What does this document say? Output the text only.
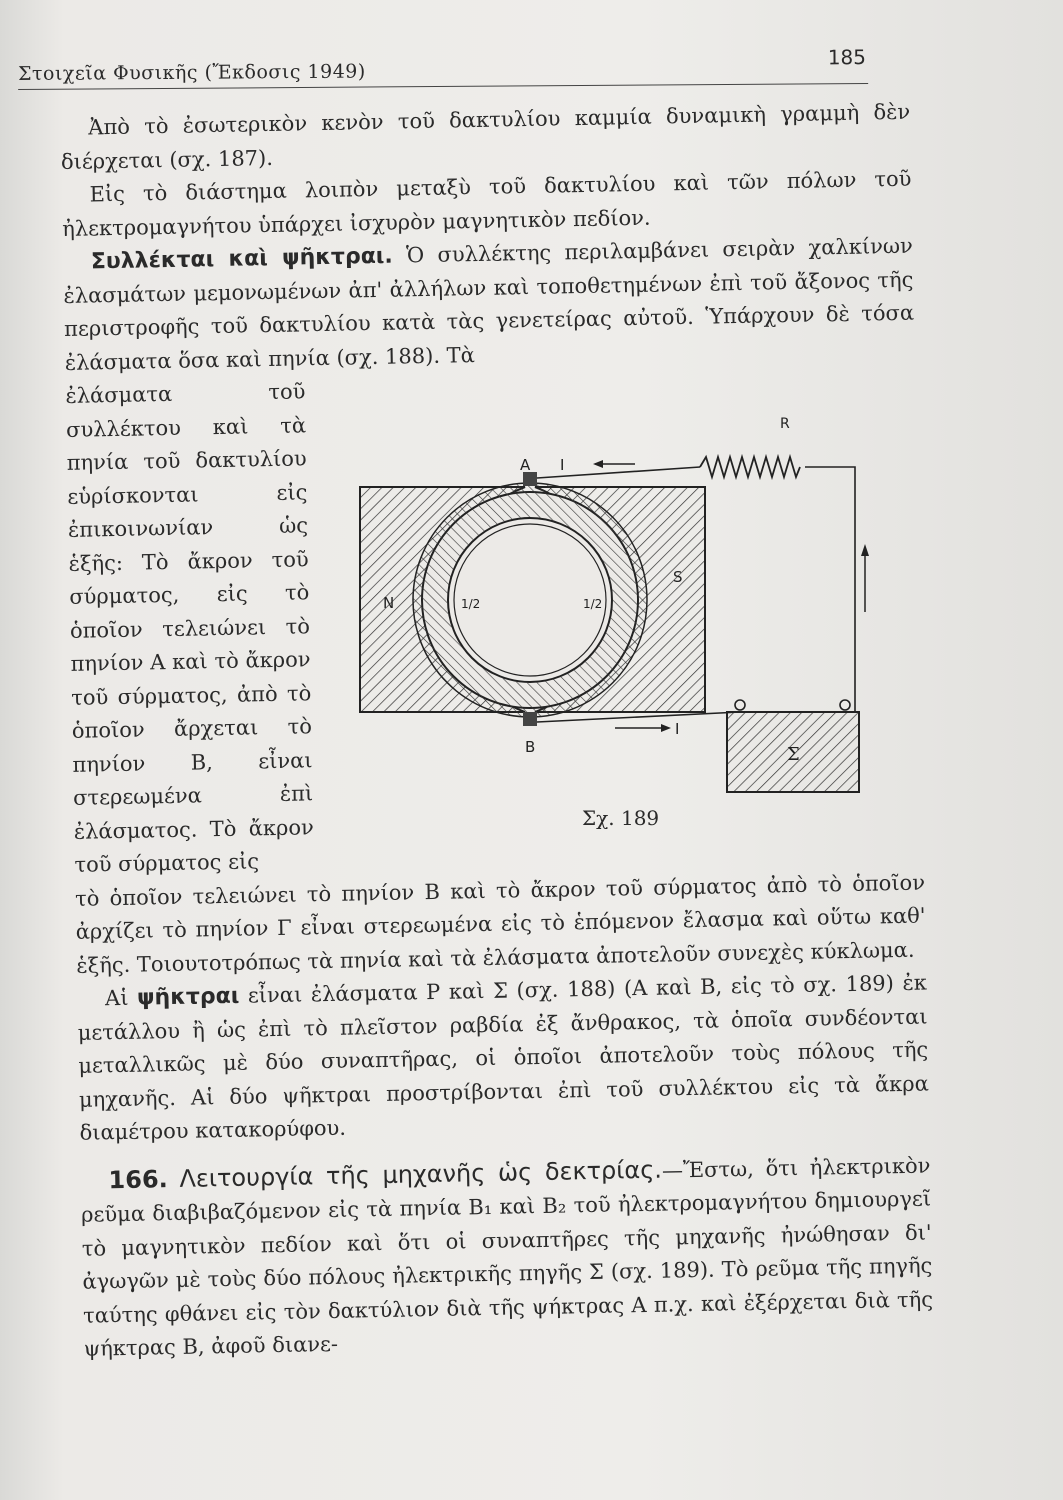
Στοιχεῖα Φυσικῆς (Ἔκδοσις 1949)
185

Ἀπὸ τὸ ἐσωτερικὸν κενὸν τοῦ δακτυλίου καμμία δυναμικὴ γραμμὴ δὲν διέρχεται (σχ. 187).

Εἰς τὸ διάστημα λοιπὸν μεταξὺ τοῦ δακτυλίου καὶ τῶν πόλων τοῦ ἠλεκτρομαγνήτου ὑπάρχει ἰσχυρὸν μαγνητικὸν πεδίον.

Συλλέκται καὶ ψῆκτραι. Ὁ συλλέκτης περιλαμβάνει σειρὰν χαλκίνων ἐλασμάτων μεμονωμένων ἀπ' ἀλλήλων καὶ τοποθετημένων ἐπὶ τοῦ ἄξονος τῆς περιστροφῆς τοῦ δακτυλίου κατὰ τὰς γενετείρας αὐτοῦ. Ὑπάρχουν δὲ τόσα ἐλάσματα ὅσα καὶ πηνία (σχ. 188). Τὰ

ἐλάσματα τοῦ συλλέκτου καὶ τὰ πηνία τοῦ δακτυλίου εὑρίσκονται εἰς ἐπικοινωνίαν ὡς ἑξῆς: Τὸ ἄκρον τοῦ σύρματος, εἰς τὸ ὁποῖον τελειώνει τὸ πηνίον Α καὶ τὸ ἄκρον τοῦ σύρματος, ἀπὸ τὸ ὁποῖον ἄρχεται τὸ πηνίον Β, εἶναι στερεωμένα ἐπὶ ἐλάσματος. Τὸ ἄκρον τοῦ σύρματος εἰς

τὸ ὁποῖον τελειώνει τὸ πηνίον Β καὶ τὸ ἄκρον τοῦ σύρματος ἀπὸ τὸ ὁποῖον ἀρχίζει τὸ πηνίον Γ εἶναι στερεωμένα εἰς τὸ ἑπόμενον ἔλασμα καὶ οὕτω καθ' ἑξῆς. Τοιουτοτρόπως τὰ πηνία καὶ τὰ ἐλάσματα ἀποτελοῦν συνεχὲς κύκλωμα.

Αἱ ψῆκτραι εἶναι ἐλάσματα Ρ καὶ Σ (σχ. 188) (Α καὶ Β, εἰς τὸ σχ. 189) ἐκ μετάλλου ἢ ὡς ἐπὶ τὸ πλεῖστον ραβδία ἐξ ἄνθρακος, τὰ ὁποῖα συνδέονται μεταλλικῶς μὲ δύο συναπτῆρας, οἱ ὁποῖοι ἀποτελοῦν τοὺς πόλους τῆς μηχανῆς. Αἱ δύο ψῆκτραι προστρίβονται ἐπὶ τοῦ συλλέκτου εἰς τὰ ἄκρα διαμέτρου κατακορύφου.

166. Λειτουργία τῆς μηχανῆς ὡς δεκτρίας.—Ἔστω, ὅτι ἠλεκτρικὸν ρεῦμα διαβιβαζόμενον εἰς τὰ πηνία Β₁ καὶ Β₂ τοῦ ἠλεκτρομαγνήτου δημιουργεῖ τὸ μαγνητικὸν πεδίον καὶ ὅτι οἱ συναπτῆρες τῆς μηχανῆς ἠνώθησαν δι' ἀγωγῶν μὲ τοὺς δύο πόλους ἠλεκτρικῆς πηγῆς Σ (σχ. 189). Τὸ ρεῦμα τῆς πηγῆς ταύτης φθάνει εἰς τὸν δακτύλιον διὰ τῆς ψήκτρας Α π.χ. καὶ ἐξέρχεται διὰ τῆς ψήκτρας Β, ἀφοῦ διανε-

R
A I
B
I
N
S
1/2	1/2
Σ
Σχ. 189
